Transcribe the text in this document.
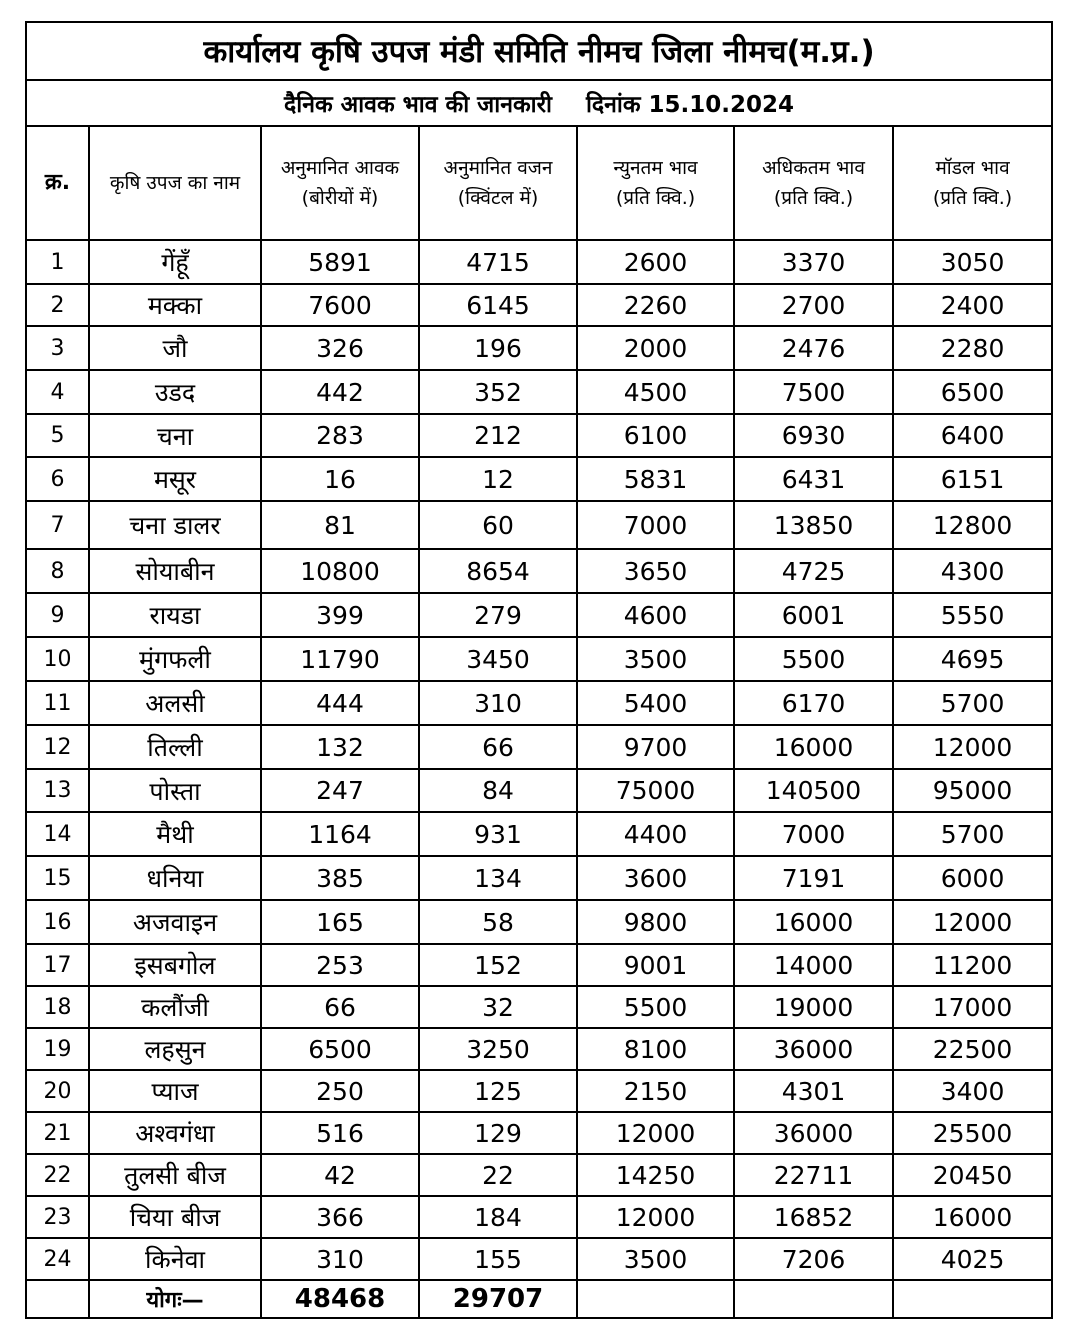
कार्यालय कृषि उपज मंडी समिति नीमच जिला नीमच(म.प्र.)						
दैनिक आवक भाव की जानकारी दिनांक 15.10.2024						
क्र.	कृषि उपज का नाम	अनुमानित आवक (बोरीयों में)	अनुमानित वजन (क्विंटल में)	न्युनतम भाव (प्रति क्वि.)	अधिकतम भाव (प्रति क्वि.)	मॉडल भाव (प्रति क्वि.)
1	गेंहूँ	5891	4715	2600	3370	3050
2	मक्का	7600	6145	2260	2700	2400
3	जौ	326	196	2000	2476	2280
4	उडद	442	352	4500	7500	6500
5	चना	283	212	6100	6930	6400
6	मसूर	16	12	5831	6431	6151
7	चना डालर	81	60	7000	13850	12800
8	सोयाबीन	10800	8654	3650	4725	4300
9	रायडा	399	279	4600	6001	5550
10	मुंगफली	11790	3450	3500	5500	4695
11	अलसी	444	310	5400	6170	5700
12	तिल्ली	132	66	9700	16000	12000
13	पोस्ता	247	84	75000	140500	95000
14	मैथी	1164	931	4400	7000	5700
15	धनिया	385	134	3600	7191	6000
16	अजवाइन	165	58	9800	16000	12000
17	इसबगोल	253	152	9001	14000	11200
18	कलौंजी	66	32	5500	19000	17000
19	लहसुन	6500	3250	8100	36000	22500
20	प्याज	250	125	2150	4301	3400
21	अश्वगंधा	516	129	12000	36000	25500
22	तुलसी बीज	42	22	14250	22711	20450
23	चिया बीज	366	184	12000	16852	16000
24	किनेवा	310	155	3500	7206	4025
	योगः—	48468	29707			
